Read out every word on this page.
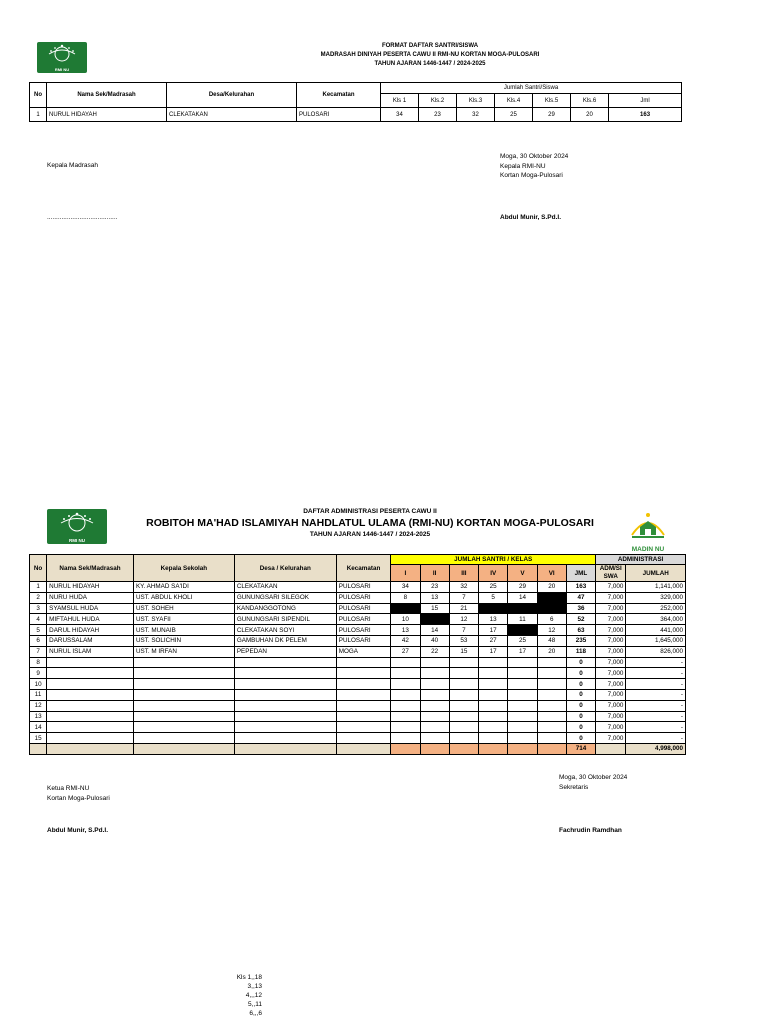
RMI NU
FORMAT DAFTAR SANTRI/SISWA
MADRASAH DINIYAH PESERTA CAWU II RMI-NU KORTAN MOGA-PULOSARI
TAHUN AJARAN 1446-1447 / 2024-2025
No	Nama Sek/Madrasah	Desa/Kelurahan	Kecamatan	Jumlah Santri/Siswa						
				Kls 1	Kls.2	Kls.3	Kls.4	Kls.5	Kls.6	Jml
1	NURUL HIDAYAH	CLEKATAKAN	PULOSARI	34	23	32	25	29	20	163
Kepala Madrasah
.......................................
Moga, 30 Oktober 2024
Kepala RMI-NU
Kortan Moga-Pulosari
Abdul Munir, S.Pd.I.
RMI NU
DAFTAR ADMINISTRASI PESERTA CAWU II
ROBITOH MA'HAD ISLAMIYAH NAHDLATUL ULAMA (RMI-NU) KORTAN MOGA-PULOSARI
TAHUN AJARAN 1446-1447 / 2024-2025
MADIN NU
No	Nama Sek/Madrasah	Kepala Sekolah	Desa / Kelurahan	Kecamatan	JUMLAH SANTRI / KELAS							ADMINISTRASI	
					I	II	III	IV	V	VI	JML	ADM/SI SWA	JUMLAH

1	NURUL HIDAYAH	KY. AHMAD SA'IDI	CLEKATAKAN	PULOSARI	34	23	32	25	29	20	163	7,000	1,141,000
2	NURU HUDA	UST. ABDUL KHOLI	GUNUNGSARI SILEGOK	PULOSARI	8	13	7	5	14		47	7,000	329,000
3	SYAMSUL HUDA	UST. SOHEH	KANDANGGOTONG	PULOSARI		15	21				36	7,000	252,000
4	MIFTAHUL HUDA	UST. SYAFII	GUNUNGSARI SIPENDIL	PULOSARI	10		12	13	11	6	52	7,000	364,000
5	DARUL HIDAYAH	UST. MUNAIB	CLEKATAKAN SOYI	PULOSARI	13	14	7	17		12	63	7,000	441,000
6	DARUSSALAM	UST. SOLICHIN	GAMBUHAN DK PELEM	PULOSARI	42	40	53	27	25	48	235	7,000	1,645,000
7	NURUL ISLAM	UST. M IRFAN	PEPEDAN	MOGA	27	22	15	17	17	20	118	7,000	826,000
8											0	7,000	-
9											0	7,000	-
10											0	7,000	-
11											0	7,000	-
12											0	7,000	-
13											0	7,000	-
14											0	7,000	-
15											0	7,000	-
											714		4,998,000
Ketua RMI-NU
Kortan Moga-Pulosari
Abdul Munir, S.Pd.I.
Moga, 30 Oktober 2024
Sekretaris
Fachrudin Ramdhan
Kls 1,,18
3,,13
4,,,12
5,,11
6,,,6
